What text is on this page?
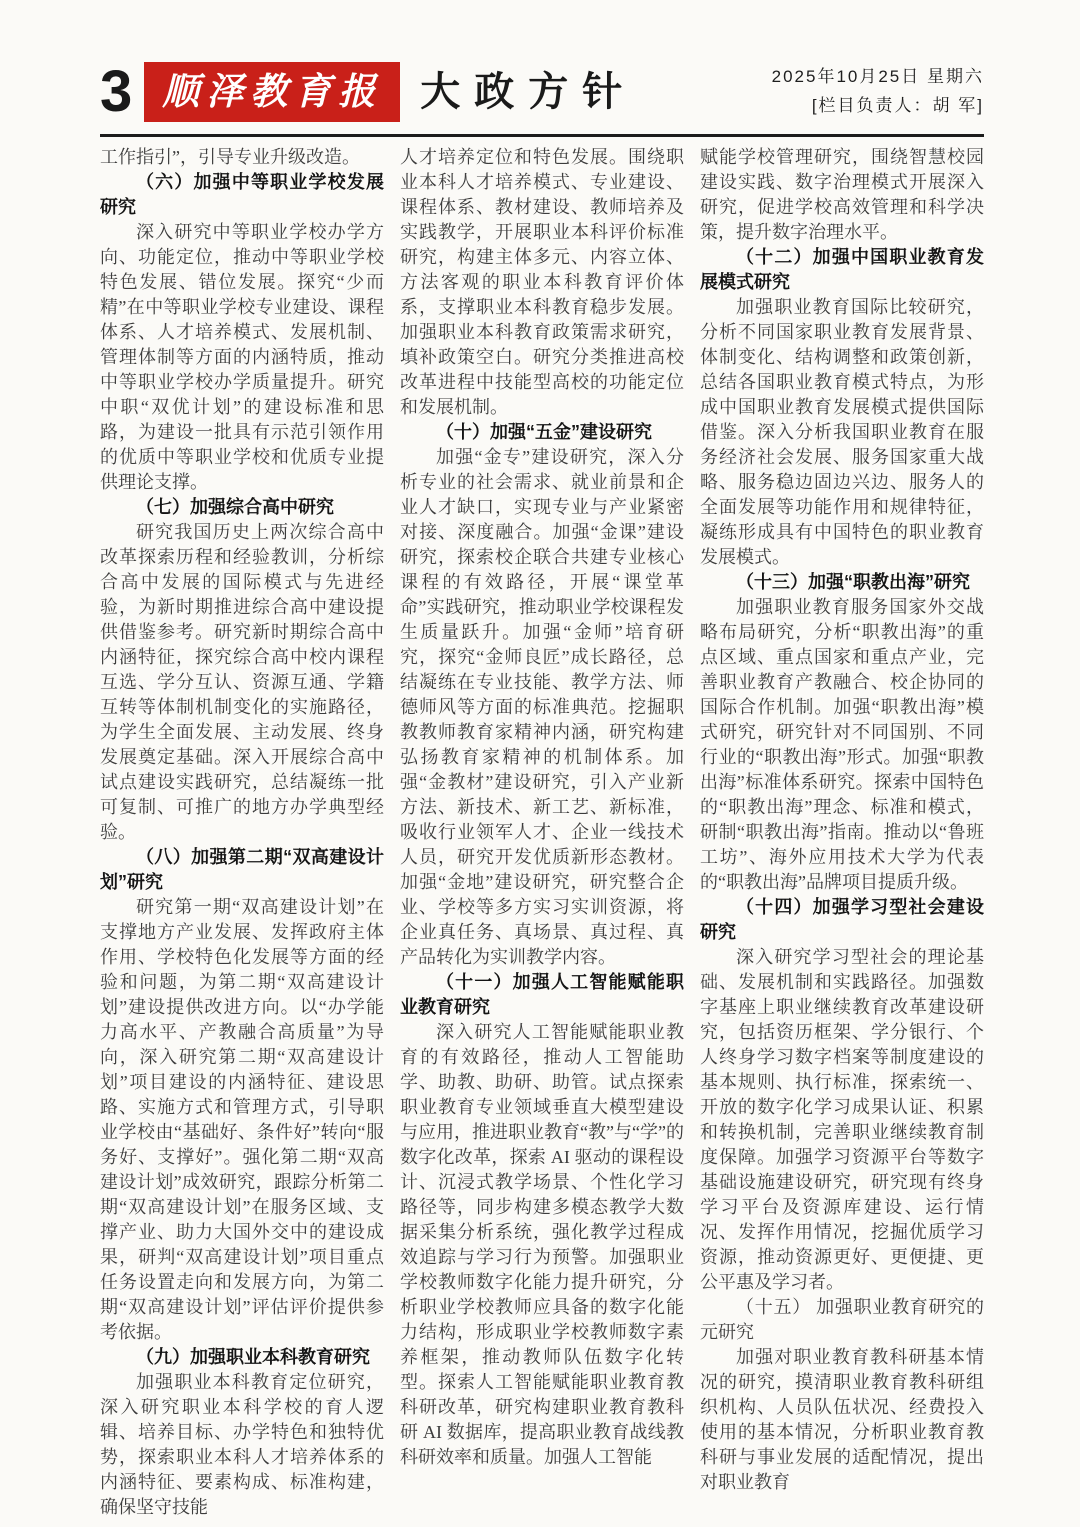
3 顺泽教育报 大政方针	2025年10月25日 星期六
[栏目负责人：胡 军]

工作指引”，引导专业升级改造。

（六）加强中等职业学校发展研究

深入研究中等职业学校办学方向、功能定位，推动中等职业学校特色发展、错位发展。探究“少而精”在中等职业学校专业建设、课程体系、人才培养模式、发展机制、管理体制等方面的内涵特质，推动中等职业学校办学质量提升。研究中职“双优计划”的建设标准和思路，为建设一批具有示范引领作用的优质中等职业学校和优质专业提供理论支撑。

（七）加强综合高中研究

研究我国历史上两次综合高中改革探索历程和经验教训，分析综合高中发展的国际模式与先进经验，为新时期推进综合高中建设提供借鉴参考。研究新时期综合高中内涵特征，探究综合高中校内课程互选、学分互认、资源互通、学籍互转等体制机制变化的实施路径，为学生全面发展、主动发展、终身发展奠定基础。深入开展综合高中试点建设实践研究，总结凝练一批可复制、可推广的地方办学典型经验。

（八）加强第二期“双高建设计划”研究

研究第一期“双高建设计划”在支撑地方产业发展、发挥政府主体作用、学校特色化发展等方面的经验和问题，为第二期“双高建设计划”建设提供改进方向。以“办学能力高水平、产教融合高质量”为导向，深入研究第二期“双高建设计划”项目建设的内涵特征、建设思路、实施方式和管理方式，引导职业学校由“基础好、条件好”转向“服务好、支撑好”。强化第二期“双高建设计划”成效研究，跟踪分析第二期“双高建设计划”在服务区域、支撑产业、助力大国外交中的建设成果，研判“双高建设计划”项目重点任务设置走向和发展方向，为第二期“双高建设计划”评估评价提供参考依据。

（九）加强职业本科教育研究

加强职业本科教育定位研究，深入研究职业本科学校的育人逻辑、培养目标、办学特色和独特优势，探索职业本科人才培养体系的内涵特征、要素构成、标准构建，确保坚守技能

人才培养定位和特色发展。围绕职业本科人才培养模式、专业建设、课程体系、教材建设、教师培养及实践教学，开展职业本科评价标准研究，构建主体多元、内容立体、方法客观的职业本科教育评价体系，支撑职业本科教育稳步发展。加强职业本科教育政策需求研究，填补政策空白。研究分类推进高校改革进程中技能型高校的功能定位和发展机制。

（十）加强“五金”建设研究

加强“金专”建设研究，深入分析专业的社会需求、就业前景和企业人才缺口，实现专业与产业紧密对接、深度融合。加强“金课”建设研究，探索校企联合共建专业核心课程的有效路径，开展“课堂革命”实践研究，推动职业学校课程发生质量跃升。加强“金师”培育研究，探究“金师良匠”成长路径，总结凝练在专业技能、教学方法、师德师风等方面的标准典范。挖掘职教教师教育家精神内涵，研究构建弘扬教育家精神的机制体系。加强“金教材”建设研究，引入产业新方法、新技术、新工艺、新标准，吸收行业领军人才、企业一线技术人员，研究开发优质新形态教材。加强“金地”建设研究，研究整合企业、学校等多方实习实训资源，将企业真任务、真场景、真过程、真产品转化为实训教学内容。

（十一）加强人工智能赋能职业教育研究

深入研究人工智能赋能职业教育的有效路径，推动人工智能助学、助教、助研、助管。试点探索职业教育专业领域垂直大模型建设与应用，推进职业教育“教”与“学”的数字化改革，探索 AI 驱动的课程设计、沉浸式教学场景、个性化学习路径等，同步构建多模态教学大数据采集分析系统，强化教学过程成效追踪与学习行为预警。加强职业学校教师数字化能力提升研究，分析职业学校教师应具备的数字化能力结构，形成职业学校教师数字素养框架，推动教师队伍数字化转型。探索人工智能赋能职业教育教科研改革，研究构建职业教育教科研 AI 数据库，提高职业教育战线教科研效率和质量。加强人工智能

赋能学校管理研究，围绕智慧校园建设实践、数字治理模式开展深入研究，促进学校高效管理和科学决策，提升数字治理水平。

（十二）加强中国职业教育发展模式研究

加强职业教育国际比较研究，分析不同国家职业教育发展背景、体制变化、结构调整和政策创新，总结各国职业教育模式特点，为形成中国职业教育发展模式提供国际借鉴。深入分析我国职业教育在服务经济社会发展、服务国家重大战略、服务稳边固边兴边、服务人的全面发展等功能作用和规律特征，凝练形成具有中国特色的职业教育发展模式。

（十三）加强“职教出海”研究

加强职业教育服务国家外交战略布局研究，分析“职教出海”的重点区域、重点国家和重点产业，完善职业教育产教融合、校企协同的国际合作机制。加强“职教出海”模式研究，研究针对不同国别、不同行业的“职教出海”形式。加强“职教出海”标准体系研究。探索中国特色的“职教出海”理念、标准和模式，研制“职教出海”指南。推动以“鲁班工坊”、海外应用技术大学为代表的“职教出海”品牌项目提质升级。

（十四）加强学习型社会建设研究

深入研究学习型社会的理论基础、发展机制和实践路径。加强数字基座上职业继续教育改革建设研究，包括资历框架、学分银行、个人终身学习数字档案等制度建设的基本规则、执行标准，探索统一、开放的数字化学习成果认证、积累和转换机制，完善职业继续教育制度保障。加强学习资源平台等数字基础设施建设研究，研究现有终身学习平台及资源库建设、运行情况、发挥作用情况，挖掘优质学习资源，推动资源更好、更便捷、更公平惠及学习者。

（十五） 加强职业教育研究的元研究

加强对职业教育教科研基本情况的研究，摸清职业教育教科研组织机构、人员队伍状况、经费投入使用的基本情况，分析职业教育教科研与事业发展的适配情况，提出对职业教育
